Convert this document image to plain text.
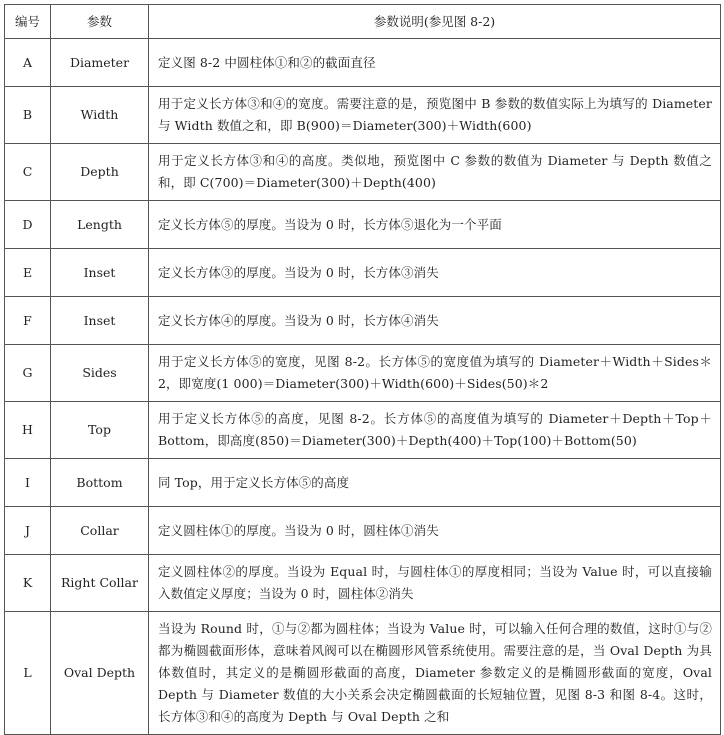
编号	参数	参数说明(参见图 8-2)
A	Diameter	定义图 8-2 中圆柱体①和②的截面直径
B	Width	用于定义长方体③和④的宽度。需要注意的是，预览图中 B 参数的数值实际上为填写的 Diameter 与 Width 数值之和，即 B(900)＝Diameter(300)＋Width(600)
C	Depth	用于定义长方体③和④的高度。类似地，预览图中 C 参数的数值为 Diameter 与 Depth 数值之和，即 C(700)＝Diameter(300)＋Depth(400)
D	Length	定义长方体⑤的厚度。当设为 0 时，长方体⑤退化为一个平面
E	Inset	定义长方体③的厚度。当设为 0 时，长方体③消失
F	Inset	定义长方体④的厚度。当设为 0 时，长方体④消失
G	Sides	用于定义长方体⑤的宽度，见图 8-2。长方体⑤的宽度值为填写的 Diameter＋Width＋Sides＊2，即宽度(1 000)＝Diameter(300)＋Width(600)＋Sides(50)＊2
H	Top	用于定义长方体⑤的高度，见图 8-2。长方体⑤的高度值为填写的 Diameter＋Depth＋Top＋Bottom，即高度(850)＝Diameter(300)＋Depth(400)＋Top(100)＋Bottom(50)
I	Bottom	同 Top，用于定义长方体⑤的高度
J	Collar	定义圆柱体①的厚度。当设为 0 时，圆柱体①消失
K	Right Collar	定义圆柱体②的厚度。当设为 Equal 时，与圆柱体①的厚度相同；当设为 Value 时，可以直接输入数值定义厚度；当设为 0 时，圆柱体②消失
L	Oval Depth	当设为 Round 时，①与②都为圆柱体；当设为 Value 时，可以输入任何合理的数值，这时①与②都为椭圆截面形体，意味着风阀可以在椭圆形风管系统使用。需要注意的是，当 Oval Depth 为具体数值时，其定义的是椭圆形截面的高度，Diameter 参数定义的是椭圆形截面的宽度，Oval Depth 与 Diameter 数值的大小关系会决定椭圆截面的长短轴位置，见图 8-3 和图 8-4。这时，长方体③和④的高度为 Depth 与 Oval Depth 之和
